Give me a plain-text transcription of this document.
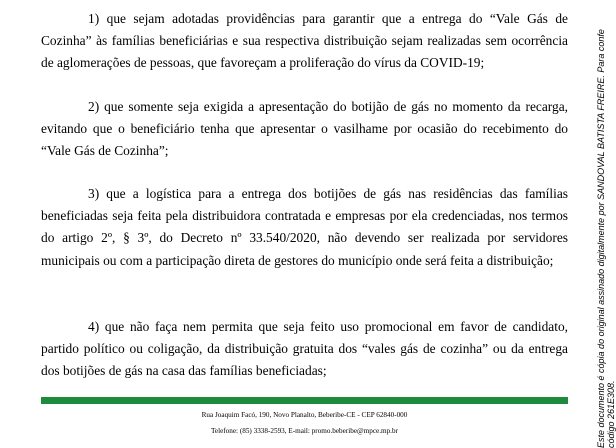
1) que sejam adotadas providências para garantir que a entrega do “Vale Gás de Cozinha” às famílias beneficiárias e sua respectiva distribuição sejam realizadas sem ocorrência de aglomerações de pessoas, que favoreçam a proliferação do vírus da COVID-19;

2) que somente seja exigida a apresentação do botijão de gás no momento da recarga, evitando que o beneficiário tenha que apresentar o vasilhame por ocasião do recebimento do “Vale Gás de Cozinha”;

3) que a logística para a entrega dos botijões de gás nas residências das famílias beneficiadas seja feita pela distribuidora contratada e empresas por ela credenciadas, nos termos do artigo 2º, § 3º, do Decreto nº 33.540/2020, não devendo ser realizada por servidores municipais ou com a participação direta de gestores do município onde será feita a distribuição;

4) que não faça nem permita que seja feito uso promocional em favor de candidato, partido político ou coligação, da distribuição gratuita dos “vales gás de cozinha” ou da entrega dos botijões de gás na casa das famílias beneficiadas;

Rua Joaquim Facó, 190, Novo Planalto, Beberibe-CE - CEP 62840-000
Telefone: (85) 3338-2593, E-mail: promo.beberibe@mpce.mp.br	Este documento é cópia do original assinado digitalmente por SANDOVAL BATISTA FREIRE. Para confe código 261E308.
